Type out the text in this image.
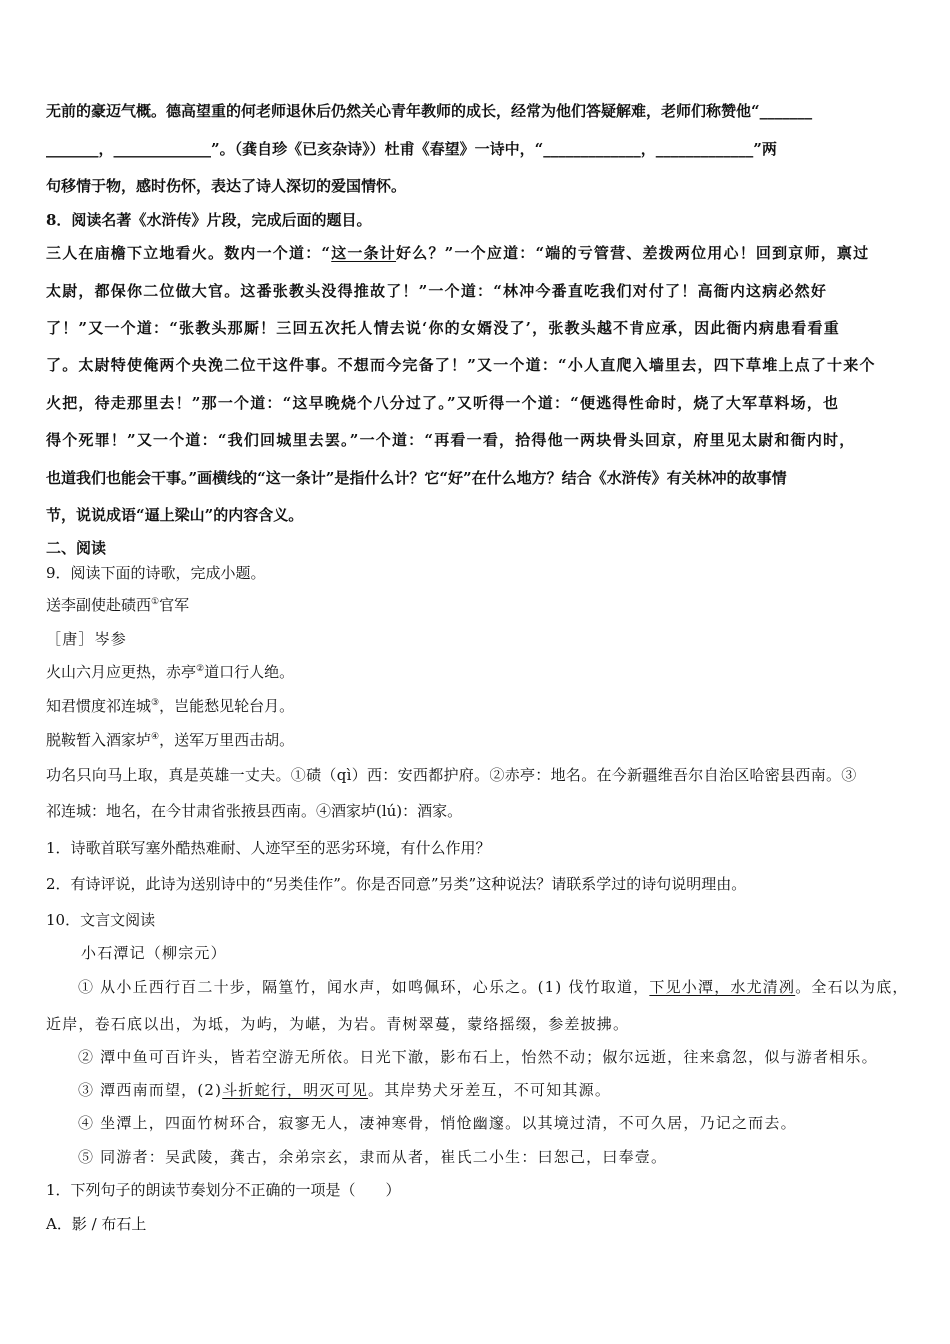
无前的豪迈气概。德高望重的何老师退休后仍然关心青年教师的成长，经常为他们答疑解难，老师们称赞他“_______
_______，_____________”。（龚自珍《已亥杂诗》）杜甫《春望》一诗中，“_____________，_____________”两
句移情于物，感时伤怀，表达了诗人深切的爱国情怀。
8．阅读名著《水浒传》片段，完成后面的题目。
三人在庙檐下立地看火。数内一个道：“这一条计好么？”一个应道：“端的亏管营、差拨两位用心！回到京师，禀过
太尉，都保你二位做大官。这番张教头没得推故了！”一个道：“林冲今番直吃我们对付了！高衙内这病必然好
了！”又一个道：“张教头那厮！三回五次托人情去说‘你的女婿没了’，张教头越不肯应承，因此衙内病患看看重
了。太尉特使俺两个央浼二位干这件事。不想而今完备了！”又一个道：“小人直爬入墙里去，四下草堆上点了十来个
火把，待走那里去！”那一个道：“这早晚烧个八分过了。”又听得一个道：“便逃得性命时，烧了大军草料场，也
得个死罪！”又一个道：“我们回城里去罢。”一个道：“再看一看，拾得他一两块骨头回京，府里见太尉和衙内时，
也道我们也能会干事。”画横线的“这一条计”是指什么计？它“好”在什么地方？结合《水浒传》有关林冲的故事情
节，说说成语“逼上梁山”的内容含义。
二、阅读
9．阅读下面的诗歌，完成小题。
送李副使赴碛西①官军
［唐］岑参
火山六月应更热，赤亭②道口行人绝。
知君惯度祁连城③，岂能愁见轮台月。
脱鞍暂入酒家垆④，送军万里西击胡。
功名只向马上取，真是英雄一丈夫。①碛（qì）西：安西都护府。②赤亭：地名。在今新疆维吾尔自治区哈密县西南。③
祁连城：地名，在今甘肃省张掖县西南。④酒家垆(lú)：酒家。
1．诗歌首联写塞外酷热难耐、人迹罕至的恶劣环境，有什么作用？
2．有诗评说，此诗为送别诗中的“另类佳作”。你是否同意”另类”这种说法？请联系学过的诗句说明理由。
10．文言文阅读
小石潭记（柳宗元）
① 从小丘西行百二十步，隔篁竹，闻水声，如鸣佩环，心乐之。(1) 伐竹取道，下见小潭，水尤清冽。全石以为底，
近岸，卷石底以出，为坻，为屿，为嵁，为岩。青树翠蔓，蒙络摇缀，参差披拂。
② 潭中鱼可百许头，皆若空游无所依。日光下澈，影布石上，怡然不动；俶尔远逝，往来翕忽，似与游者相乐。
③ 潭西南而望，(2)斗折蛇行，明灭可见。其岸势犬牙差互，不可知其源。
④ 坐潭上，四面竹树环合，寂寥无人，凄神寒骨，悄怆幽邃。以其境过清，不可久居，乃记之而去。
⑤ 同游者：吴武陵，龚古，余弟宗玄，隶而从者，崔氏二小生：曰恕己，曰奉壹。
1．下列句子的朗读节奏划分不正确的一项是（　　）
A．影 / 布石上
